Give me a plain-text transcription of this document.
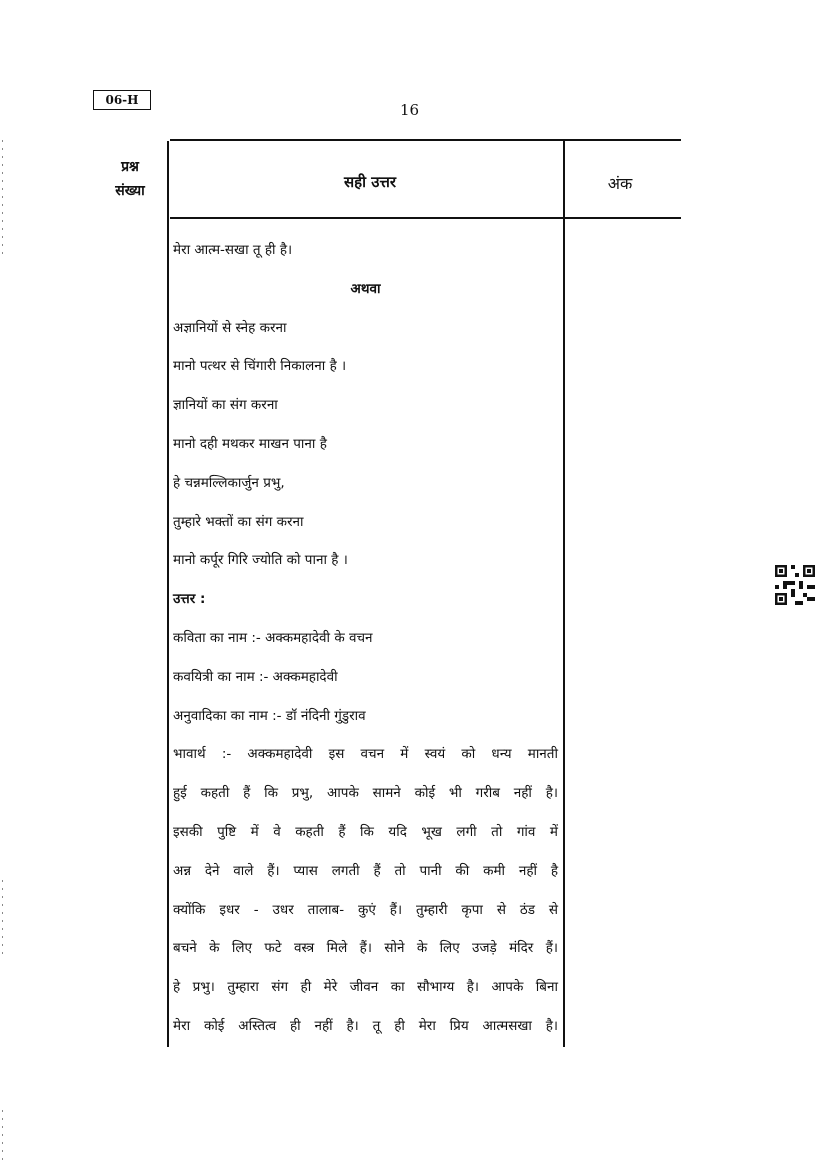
06-H
16
प्रश्न
संख्या	सही उत्तर	अंक
मेरा आत्म-सखा तू ही है।
अथवा
अज्ञानियों से स्नेह करना
मानो पत्थर से चिंगारी निकालना है ।
ज्ञानियों का संग करना
मानो दही मथकर माखन पाना है
हे चन्नमल्लिकार्जुन प्रभु,
तुम्हारे भक्तों का संग करना
मानो कर्पूर गिरि ज्योति को पाना है ।
उत्तर :
कविता का नाम :- अक्कमहादेवी के वचन
कवयित्री का नाम :- अक्कमहादेवी
अनुवादिका का नाम :- डॉ नंदिनी गुंडुराव
भावार्थ :- अक्कमहादेवी इस वचन में स्वयं को धन्य मानती
हुई कहती हैं कि प्रभु, आपके सामने कोई भी गरीब नहीं है।
इसकी पुष्टि में वे कहती हैं कि यदि भूख लगी तो गांव में
अन्न देने वाले हैं। प्यास लगती हैं तो पानी की कमी नहीं है
क्योंकि इधर - उधर तालाब- कुएं हैं। तुम्हारी कृपा से ठंड से
बचने के लिए फटे वस्त्र मिले हैं। सोने के लिए उजड़े मंदिर हैं।
हे प्रभु। तुम्हारा संग ही मेरे जीवन का सौभाग्य है। आपके बिना
मेरा कोई अस्तित्व ही नहीं है। तू ही मेरा प्रिय आत्मसखा है।
